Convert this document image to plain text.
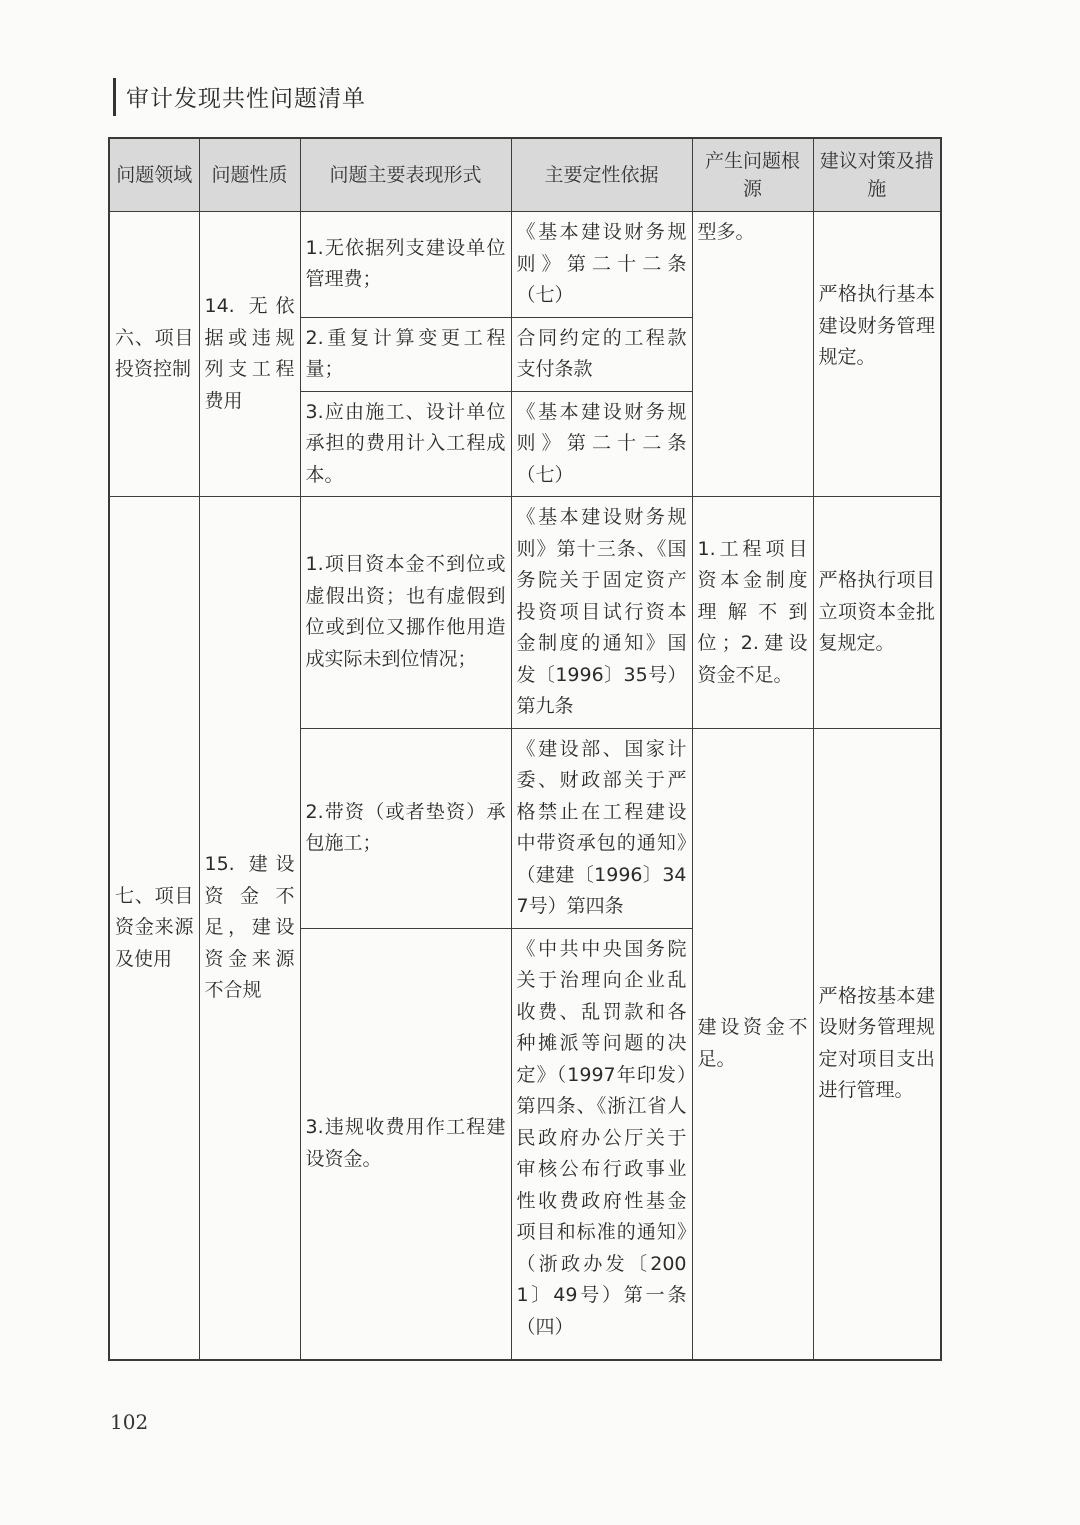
审计发现共性问题清单
问题领域	问题性质	问题主要表现形式	主要定性依据	产生问题根源	建议对策及措施
六、项目投资控制	14. 无依据或违规列支工程费用	1.无依据列支建设单位管理费；	《基本建设财务规则》第二十二条（七）	型多。	严格执行基本建设财务管理规定。
		2.重复计算变更工程量；	合同约定的工程款支付条款		
		3.应由施工、设计单位承担的费用计入工程成本。	《基本建设财务规则》第二十二条（七）		
七、项目资金来源及使用	15. 建设资金不足，建设资金来源不合规	1.项目资本金不到位或虚假出资；也有虚假到位或到位又挪作他用造成实际未到位情况；	《基本建设财务规则》第十三条、《国务院关于固定资产投资项目试行资本金制度的通知》国发〔1996〕35号）第九条	1.工程项目资本金制度理解不到位；2.建设资金不足。	严格执行项目立项资本金批复规定。
		2.带资（或者垫资）承包施工；	《建设部、国家计委、财政部关于严格禁止在工程建设中带资承包的通知》（建建〔1996〕347号）第四条	建设资金不足。	严格按基本建设财务管理规定对项目支出进行管理。
		3.违规收费用作工程建设资金。	《中共中央国务院关于治理向企业乱收费、乱罚款和各种摊派等问题的决定》（1997年印发）第四条、《浙江省人民政府办公厅关于审核公布行政事业性收费政府性基金项目和标准的通知》（浙政办发〔2001〕49号）第一条（四）		
102
